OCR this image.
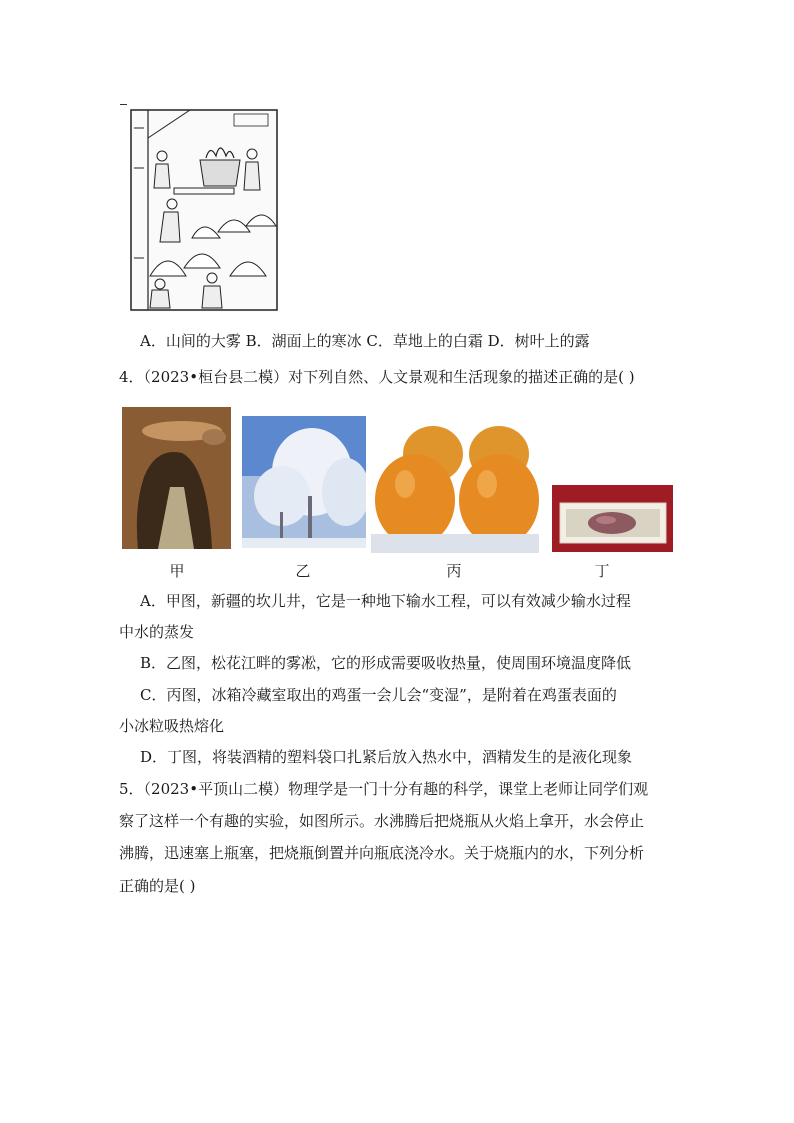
A．山间的大雾 B．湖面上的寒冰 C．草地上的白霜 D．树叶上的露
4．（2023•桓台县二模）对下列自然、人文景观和生活现象的描述正确的是( )
甲	乙	丙	丁
A．甲图，新疆的坎儿井，它是一种地下输水工程，可以有效减少输水过程
中水的蒸发
B．乙图，松花江畔的雾凇，它的形成需要吸收热量，使周围环境温度降低
C．丙图，冰箱冷藏室取出的鸡蛋一会儿会“变湿”，是附着在鸡蛋表面的
小冰粒吸热熔化
D．丁图，将装酒精的塑料袋口扎紧后放入热水中，酒精发生的是液化现象
5．（2023•平顶山二模）物理学是一门十分有趣的科学，课堂上老师让同学们观
察了这样一个有趣的实验，如图所示。水沸腾后把烧瓶从火焰上拿开，水会停止
沸腾，迅速塞上瓶塞，把烧瓶倒置并向瓶底浇冷水。关于烧瓶内的水，下列分析
正确的是( )
